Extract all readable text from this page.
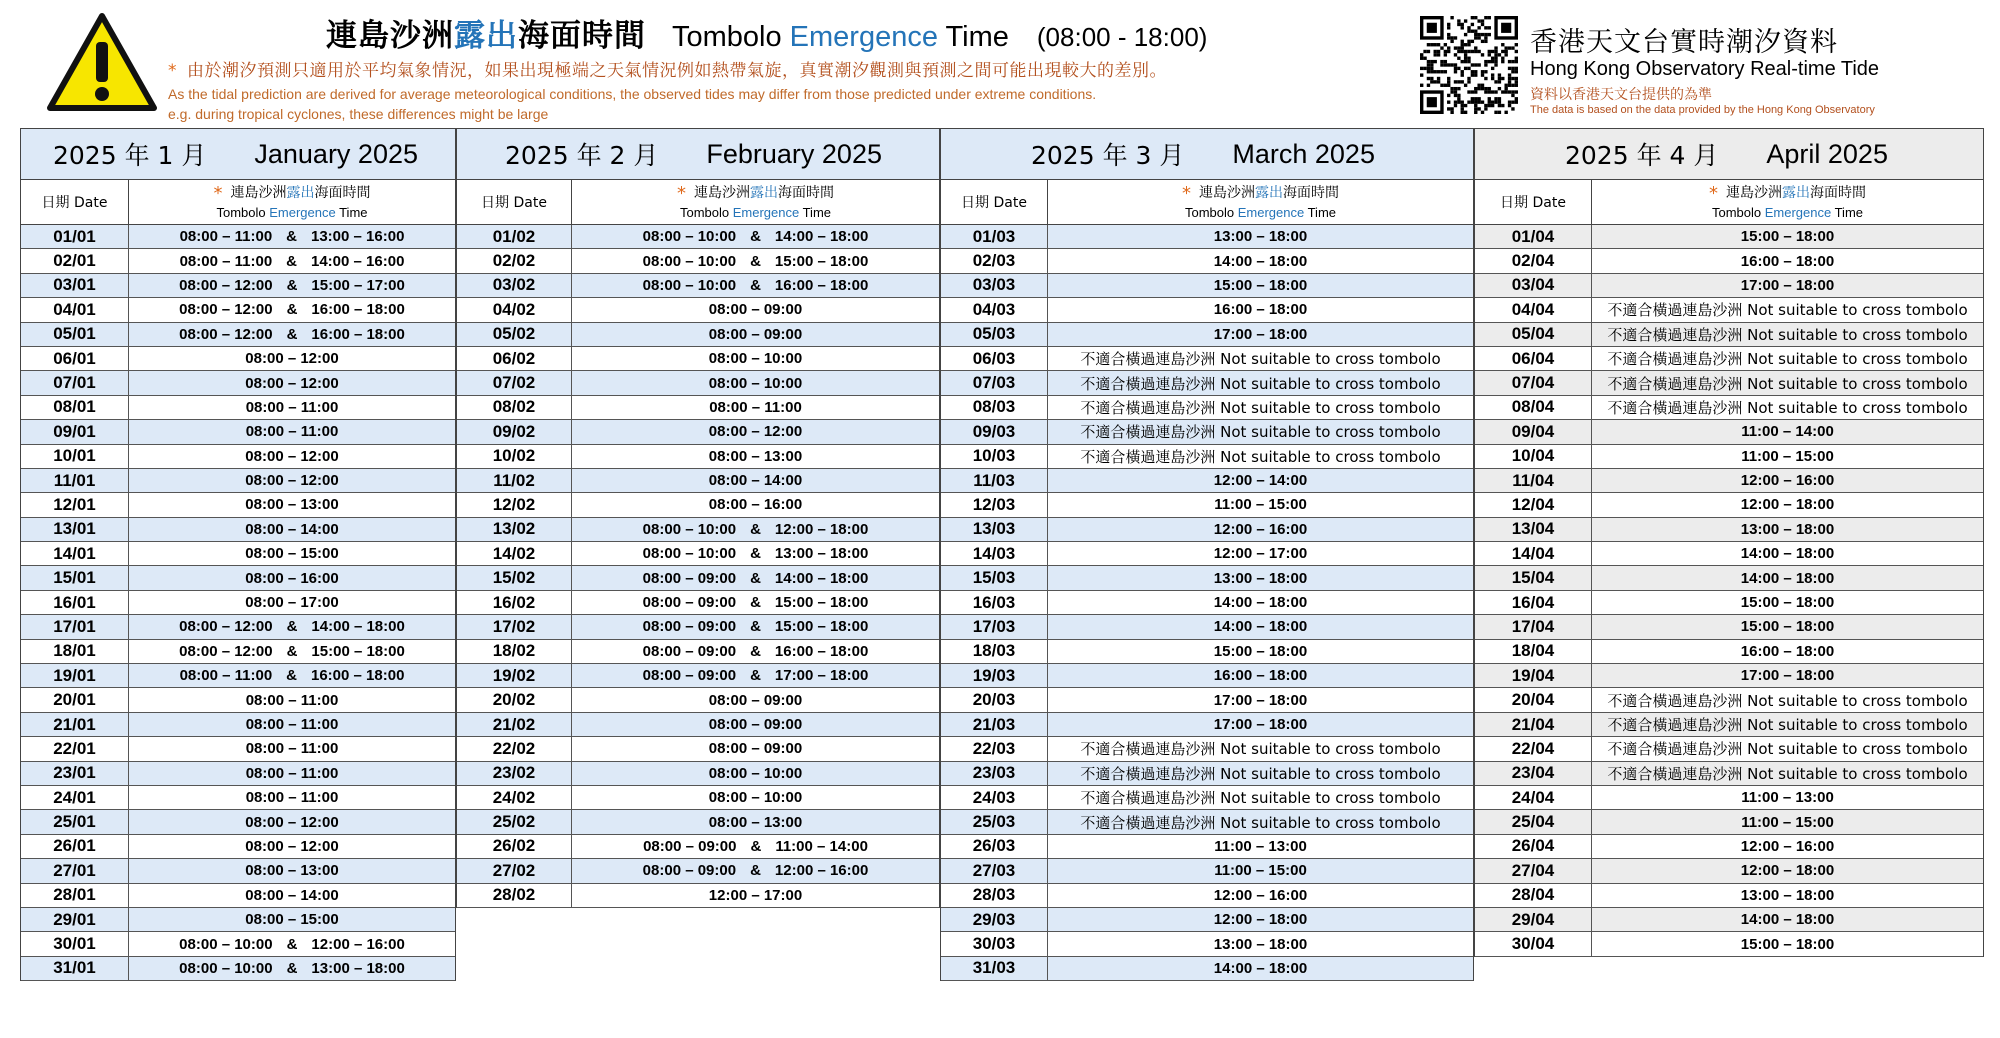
連島沙洲露出海面時間 Tombolo Emergence Time (08:00 - 18:00)
* 由於潮汐預測只適用於平均氣象情況，如果出現極端之天氣情況例如熱帶氣旋，真實潮汐觀測與預測之間可能出現較大的差別。
As the tidal prediction are derived for average meteorological conditions, the observed tides may differ from those predicted under extreme conditions.
e.g. during tropical cyclones, these differences might be large
香港天文台實時潮汐資料
Hong Kong Observatory Real-time Tide
資料以香港天文台提供的為準
The data is based on the data provided by the Hong Kong Observatory
2025 年 1 月 January 2025
日期 Date	* 連島沙洲露出海面時間
Tombolo Emergence Time
01/01	08:00 – 11:00 & 13:00 – 16:00
02/01	08:00 – 11:00 & 14:00 – 16:00
03/01	08:00 – 12:00 & 15:00 – 17:00
04/01	08:00 – 12:00 & 16:00 – 18:00
05/01	08:00 – 12:00 & 16:00 – 18:00
06/01	08:00 – 12:00
07/01	08:00 – 12:00
08/01	08:00 – 11:00
09/01	08:00 – 11:00
10/01	08:00 – 12:00
11/01	08:00 – 12:00
12/01	08:00 – 13:00
13/01	08:00 – 14:00
14/01	08:00 – 15:00
15/01	08:00 – 16:00
16/01	08:00 – 17:00
17/01	08:00 – 12:00 & 14:00 – 18:00
18/01	08:00 – 12:00 & 15:00 – 18:00
19/01	08:00 – 11:00 & 16:00 – 18:00
20/01	08:00 – 11:00
21/01	08:00 – 11:00
22/01	08:00 – 11:00
23/01	08:00 – 11:00
24/01	08:00 – 11:00
25/01	08:00 – 12:00
26/01	08:00 – 12:00
27/01	08:00 – 13:00
28/01	08:00 – 14:00
29/01	08:00 – 15:00
30/01	08:00 – 10:00 & 12:00 – 16:00
31/01	08:00 – 10:00 & 13:00 – 18:00
2025 年 2 月 February 2025
日期 Date	* 連島沙洲露出海面時間
Tombolo Emergence Time
01/02	08:00 – 10:00 & 14:00 – 18:00
02/02	08:00 – 10:00 & 15:00 – 18:00
03/02	08:00 – 10:00 & 16:00 – 18:00
04/02	08:00 – 09:00
05/02	08:00 – 09:00
06/02	08:00 – 10:00
07/02	08:00 – 10:00
08/02	08:00 – 11:00
09/02	08:00 – 12:00
10/02	08:00 – 13:00
11/02	08:00 – 14:00
12/02	08:00 – 16:00
13/02	08:00 – 10:00 & 12:00 – 18:00
14/02	08:00 – 10:00 & 13:00 – 18:00
15/02	08:00 – 09:00 & 14:00 – 18:00
16/02	08:00 – 09:00 & 15:00 – 18:00
17/02	08:00 – 09:00 & 15:00 – 18:00
18/02	08:00 – 09:00 & 16:00 – 18:00
19/02	08:00 – 09:00 & 17:00 – 18:00
20/02	08:00 – 09:00
21/02	08:00 – 09:00
22/02	08:00 – 09:00
23/02	08:00 – 10:00
24/02	08:00 – 10:00
25/02	08:00 – 13:00
26/02	08:00 – 09:00 & 11:00 – 14:00
27/02	08:00 – 09:00 & 12:00 – 16:00
28/02	12:00 – 17:00
2025 年 3 月 March 2025
日期 Date	* 連島沙洲露出海面時間
Tombolo Emergence Time
01/03	13:00 – 18:00
02/03	14:00 – 18:00
03/03	15:00 – 18:00
04/03	16:00 – 18:00
05/03	17:00 – 18:00
06/03	不適合橫過連島沙洲 Not suitable to cross tombolo
07/03	不適合橫過連島沙洲 Not suitable to cross tombolo
08/03	不適合橫過連島沙洲 Not suitable to cross tombolo
09/03	不適合橫過連島沙洲 Not suitable to cross tombolo
10/03	不適合橫過連島沙洲 Not suitable to cross tombolo
11/03	12:00 – 14:00
12/03	11:00 – 15:00
13/03	12:00 – 16:00
14/03	12:00 – 17:00
15/03	13:00 – 18:00
16/03	14:00 – 18:00
17/03	14:00 – 18:00
18/03	15:00 – 18:00
19/03	16:00 – 18:00
20/03	17:00 – 18:00
21/03	17:00 – 18:00
22/03	不適合橫過連島沙洲 Not suitable to cross tombolo
23/03	不適合橫過連島沙洲 Not suitable to cross tombolo
24/03	不適合橫過連島沙洲 Not suitable to cross tombolo
25/03	不適合橫過連島沙洲 Not suitable to cross tombolo
26/03	11:00 – 13:00
27/03	11:00 – 15:00
28/03	12:00 – 16:00
29/03	12:00 – 18:00
30/03	13:00 – 18:00
31/03	14:00 – 18:00
2025 年 4 月 April 2025
日期 Date	* 連島沙洲露出海面時間
Tombolo Emergence Time
01/04	15:00 – 18:00
02/04	16:00 – 18:00
03/04	17:00 – 18:00
04/04	不適合橫過連島沙洲 Not suitable to cross tombolo
05/04	不適合橫過連島沙洲 Not suitable to cross tombolo
06/04	不適合橫過連島沙洲 Not suitable to cross tombolo
07/04	不適合橫過連島沙洲 Not suitable to cross tombolo
08/04	不適合橫過連島沙洲 Not suitable to cross tombolo
09/04	11:00 – 14:00
10/04	11:00 – 15:00
11/04	12:00 – 16:00
12/04	12:00 – 18:00
13/04	13:00 – 18:00
14/04	14:00 – 18:00
15/04	14:00 – 18:00
16/04	15:00 – 18:00
17/04	15:00 – 18:00
18/04	16:00 – 18:00
19/04	17:00 – 18:00
20/04	不適合橫過連島沙洲 Not suitable to cross tombolo
21/04	不適合橫過連島沙洲 Not suitable to cross tombolo
22/04	不適合橫過連島沙洲 Not suitable to cross tombolo
23/04	不適合橫過連島沙洲 Not suitable to cross tombolo
24/04	11:00 – 13:00
25/04	11:00 – 15:00
26/04	12:00 – 16:00
27/04	12:00 – 18:00
28/04	13:00 – 18:00
29/04	14:00 – 18:00
30/04	15:00 – 18:00
